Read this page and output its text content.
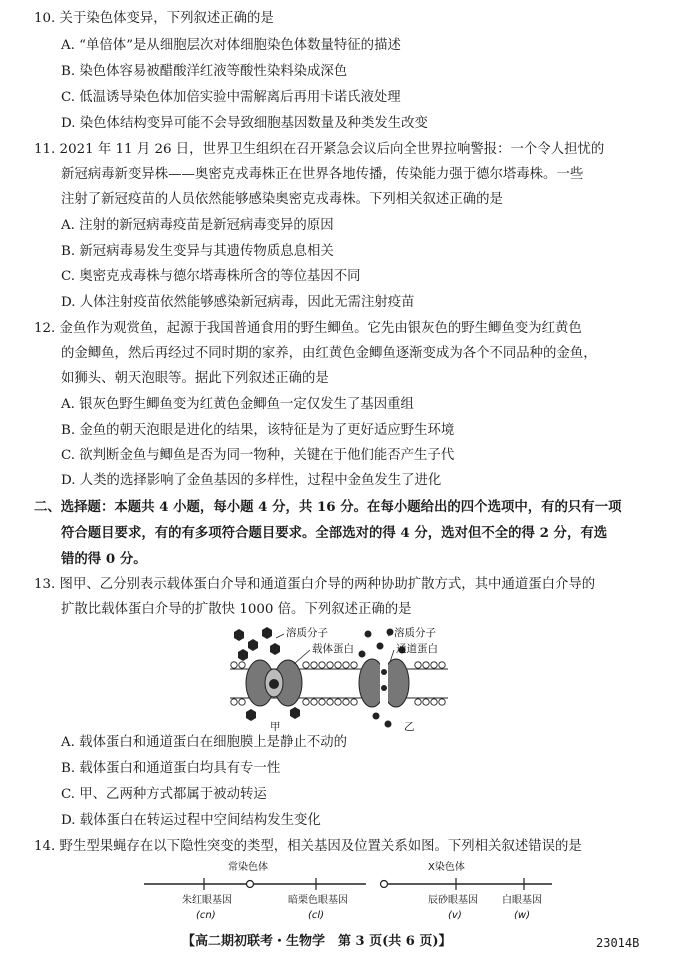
10. 关于染色体变异，下列叙述正确的是
A. “单倍体”是从细胞层次对体细胞染色体数量特征的描述
B. 染色体容易被醋酸洋红液等酸性染料染成深色
C. 低温诱导染色体加倍实验中需解离后再用卡诺氏液处理
D. 染色体结构变异可能不会导致细胞基因数量及种类发生改变
11. 2021 年 11 月 26 日，世界卫生组织在召开紧急会议后向全世界拉响警报：一个令人担忧的
新冠病毒新变异株——奥密克戎毒株正在世界各地传播，传染能力强于德尔塔毒株。一些
注射了新冠疫苗的人员依然能够感染奥密克戎毒株。下列相关叙述正确的是
A. 注射的新冠病毒疫苗是新冠病毒变异的原因
B. 新冠病毒易发生变异与其遗传物质息息相关
C. 奥密克戎毒株与德尔塔毒株所含的等位基因不同
D. 人体注射疫苗依然能够感染新冠病毒，因此无需注射疫苗
12. 金鱼作为观赏鱼，起源于我国普通食用的野生鲫鱼。它先由银灰色的野生鲫鱼变为红黄色
的金鲫鱼，然后再经过不同时期的家养，由红黄色金鲫鱼逐渐变成为各个不同品种的金鱼，
如狮头、朝天泡眼等。据此下列叙述正确的是
A. 银灰色野生鲫鱼变为红黄色金鲫鱼一定仅发生了基因重组
B. 金鱼的朝天泡眼是进化的结果，该特征是为了更好适应野生环境
C. 欲判断金鱼与鲫鱼是否为同一物种，关键在于他们能否产生子代
D. 人类的选择影响了金鱼基因的多样性，过程中金鱼发生了进化
二、选择题：本题共 4 小题，每小题 4 分，共 16 分。在每小题给出的四个选项中，有的只有一项
符合题目要求，有的有多项符合题目要求。全部选对的得 4 分，选对但不全的得 2 分，有选
错的得 0 分。
13. 图甲、乙分别表示载体蛋白介导和通道蛋白介导的两种协助扩散方式，其中通道蛋白介导的
扩散比载体蛋白介导的扩散快 1000 倍。下列叙述正确的是
溶质分子
载体蛋白
溶质分子
通道蛋白
甲	乙
A. 载体蛋白和通道蛋白在细胞膜上是静止不动的
B. 载体蛋白和通道蛋白均具有专一性
C. 甲、乙两种方式都属于被动转运
D. 载体蛋白在转运过程中空间结构发生变化
14. 野生型果蝇存在以下隐性突变的类型，相关基因及位置关系如图。下列相关叙述错误的是
常染色体	X染色体
朱红眼基因
(cn)
暗栗色眼基因
(cl)
辰砂眼基因
(v)
白眼基因
(w)
【高二期初联考・生物学　第 3 页(共 6 页)】	23014B
